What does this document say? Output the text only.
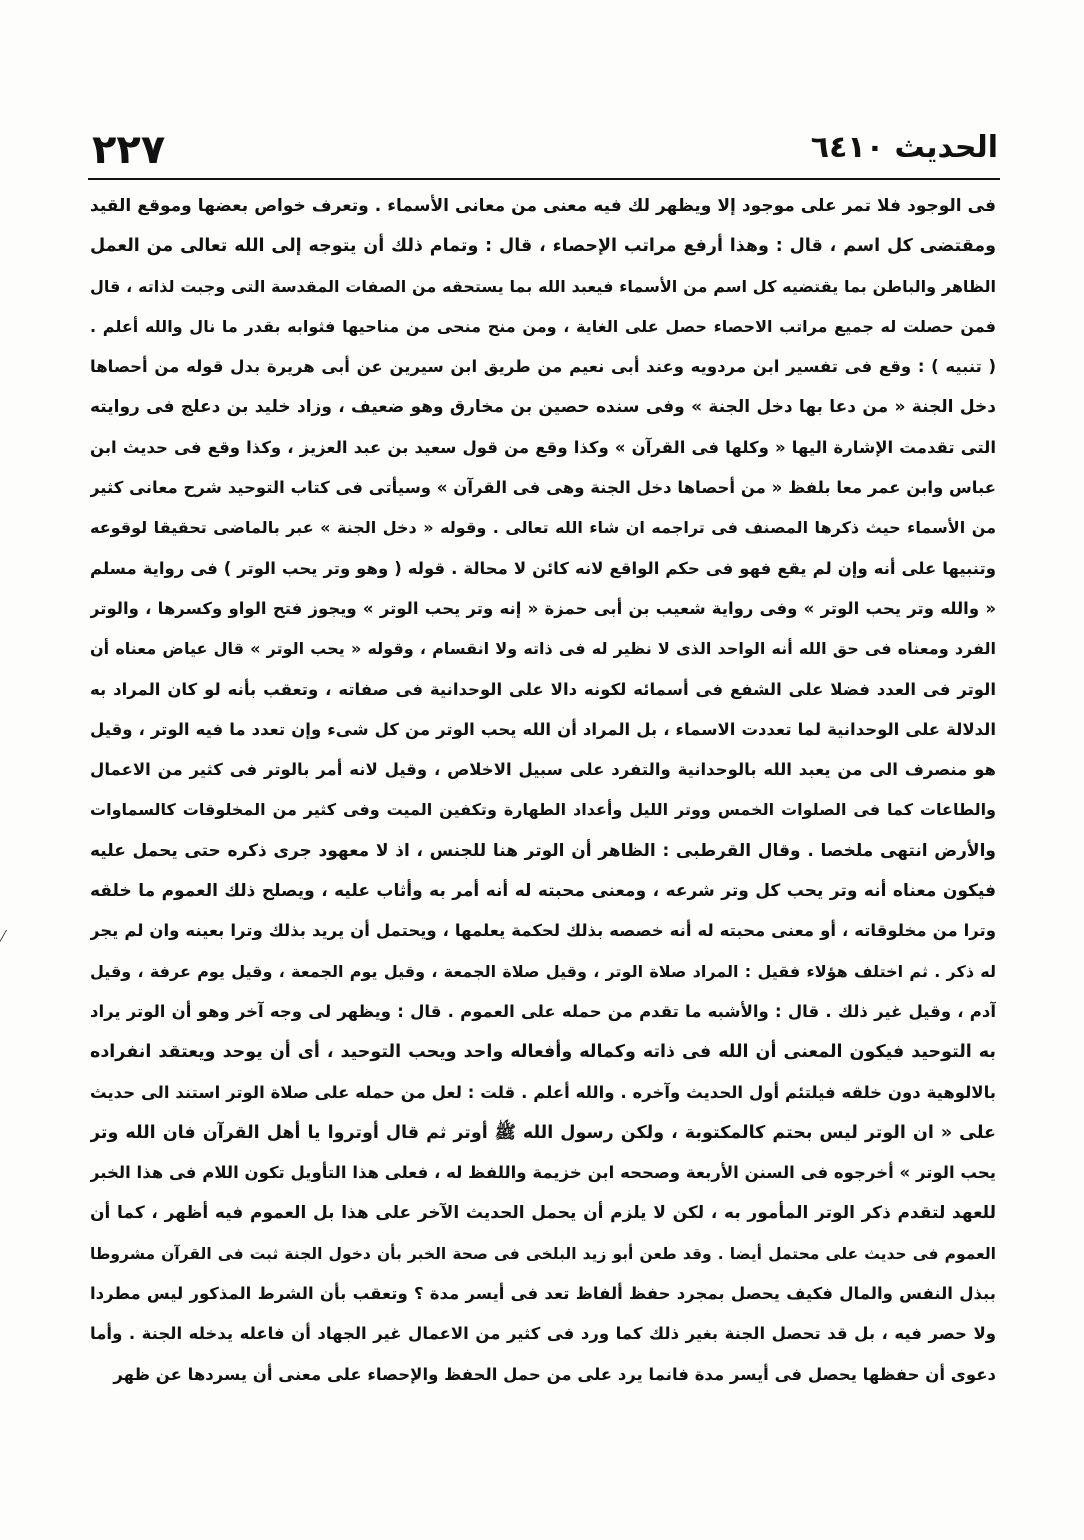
الحديث ٦٤١٠
٢٢٧
فى الوجود فلا تمر على موجود إلا ويظهر لك فيه معنى من معانى الأسماء . وتعرف خواص بعضها وموقع القيد
ومقتضى كل اسم ، قال : وهذا أرفع مراتب الإحصاء ، قال : وتمام ذلك أن يتوجه إلى الله تعالى من العمل
الظاهر والباطن بما يقتضيه كل اسم من الأسماء فيعبد الله بما يستحقه من الصفات المقدسة التى وجبت لذاته ، قال
فمن حصلت له جميع مراتب الاحصاء حصل على الغاية ، ومن منح منحى من مناحيها فثوابه بقدر ما نال والله أعلم .
( تنبيه ) : وقع فى تفسير ابن مردويه وعند أبى نعيم من طريق ابن سيرين عن أبى هريرة بدل قوله من أحصاها
دخل الجنة « من دعا بها دخل الجنة » وفى سنده حصين بن مخارق وهو ضعيف ، وزاد خليد بن دعلج فى روايته
التى تقدمت الإشارة اليها « وكلها فى القرآن » وكذا وقع من قول سعيد بن عبد العزيز ، وكذا وقع فى حديث ابن
عباس وابن عمر معا بلفظ « من أحصاها دخل الجنة وهى فى القرآن » وسيأتى فى كتاب التوحيد شرح معانى كثير
من الأسماء حيث ذكرها المصنف فى تراجمه ان شاء الله تعالى . وقوله « دخل الجنة » عبر بالماضى تحقيقا لوقوعه
وتنبيها على أنه وإن لم يقع فهو فى حكم الواقع لانه كائن لا محالة . قوله ( وهو وتر يحب الوتر ) فى رواية مسلم
« والله وتر يحب الوتر » وفى رواية شعيب بن أبى حمزة « إنه وتر يحب الوتر » ويجوز فتح الواو وكسرها ، والوتر
الفرد ومعناه فى حق الله أنه الواحد الذى لا نظير له فى ذاته ولا انقسام ، وقوله « يحب الوتر » قال عياض معناه أن
الوتر فى العدد فضلا على الشفع فى أسمائه لكونه دالا على الوحدانية فى صفاته ، وتعقب بأنه لو كان المراد به
الدلالة على الوحدانية لما تعددت الاسماء ، بل المراد أن الله يحب الوتر من كل شىء وإن تعدد ما فيه الوتر ، وقيل
هو منصرف الى من يعبد الله بالوحدانية والتفرد على سبيل الاخلاص ، وقيل لانه أمر بالوتر فى كثير من الاعمال
والطاعات كما فى الصلوات الخمس ووتر الليل وأعداد الطهارة وتكفين الميت وفى كثير من المخلوقات كالسماوات
والأرض انتهى ملخصا . وقال القرطبى : الظاهر أن الوتر هنا للجنس ، اذ لا معهود جرى ذكره حتى يحمل عليه
فيكون معناه أنه وتر يحب كل وتر شرعه ، ومعنى محبته له أنه أمر به وأثاب عليه ، ويصلح ذلك العموم ما خلقه
وترا من مخلوقاته ، أو معنى محبته له أنه خصصه بذلك لحكمة يعلمها ، ويحتمل أن يريد بذلك وترا بعينه وان لم يجر
له ذكر . ثم اختلف هؤلاء فقيل : المراد صلاة الوتر ، وقيل صلاة الجمعة ، وقيل يوم الجمعة ، وقيل يوم عرفة ، وقيل
آدم ، وقيل غير ذلك . قال : والأشبه ما تقدم من حمله على العموم . قال : ويظهر لى وجه آخر وهو أن الوتر يراد
به التوحيد فيكون المعنى أن الله فى ذاته وكماله وأفعاله واحد ويحب التوحيد ، أى أن يوحد ويعتقد انفراده
بالالوهية دون خلقه فيلتئم أول الحديث وآخره . والله أعلم . قلت : لعل من حمله على صلاة الوتر استند الى حديث
على « ان الوتر ليس بحتم كالمكتوبة ، ولكن رسول الله ﷺ أوتر ثم قال أوتروا يا أهل القرآن فان الله وتر
يحب الوتر » أخرجوه فى السنن الأربعة وصححه ابن خزيمة واللفظ له ، فعلى هذا التأويل تكون اللام فى هذا الخبر
للعهد لتقدم ذكر الوتر المأمور به ، لكن لا يلزم أن يحمل الحديث الآخر على هذا بل العموم فيه أظهر ، كما أن
العموم فى حديث على محتمل أيضا . وقد طعن أبو زيد البلخى فى صحة الخبر بأن دخول الجنة ثبت فى القرآن مشروطا
ببذل النفس والمال فكيف يحصل بمجرد حفظ ألفاظ تعد فى أيسر مدة ؟ وتعقب بأن الشرط المذكور ليس مطردا
ولا حصر فيه ، بل قد تحصل الجنة بغير ذلك كما ورد فى كثير من الاعمال غير الجهاد أن فاعله يدخله الجنة . وأما
دعوى أن حفظها يحصل فى أيسر مدة فانما يرد على من حمل الحفظ والإحصاء على معنى أن يسردها عن ظهر
